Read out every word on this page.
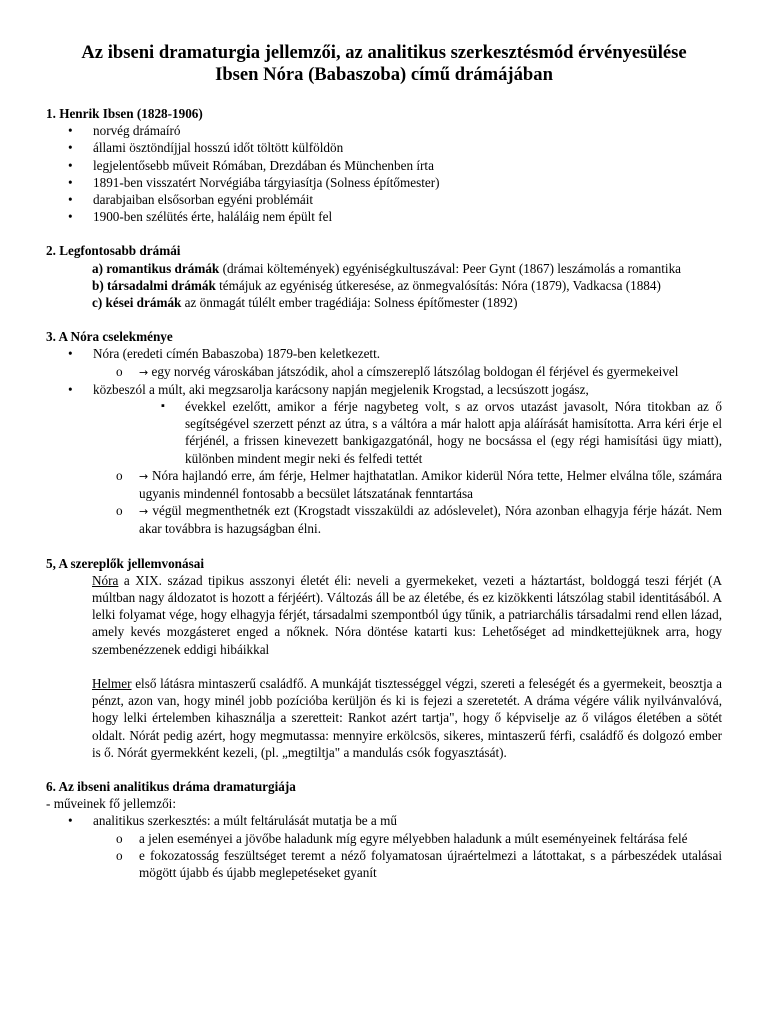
Az ibseni dramaturgia jellemzői, az analitikus szerkesztésmód érvényesülése
Ibsen Nóra (Babaszoba) című drámájában

1. Henrik Ibsen (1828-1906)

• norvég drámaíró
• állami ösztöndíjjal hosszú időt töltött külföldön
• legjelentősebb műveit Rómában, Drezdában és Münchenben írta
• 1891-ben visszatért Norvégiába tárgyiasítja (Solness építőmester)
• darabjaiban elsősorban egyéni problémáit
• 1900-ben szélütés érte, haláláig nem épült fel

2. Legfontosabb drámái

a) romantikus drámák (drámai költemények) egyéniségkultuszával: Peer Gynt (1867) leszámolás a romantika

b) társadalmi drámák témájuk az egyéniség útkeresése, az önmegvalósítás: Nóra (1879), Vadkacsa (1884)

c) kései drámák az önmagát túlélt ember tragédiája: Solness építőmester (1892)

3. A Nóra cselekménye

• Nóra (eredeti címén Babaszoba) 1879-ben keletkezett.
o → egy norvég városkában játszódik, ahol a címszereplő látszólag boldogan él férjével és gyermekeivel
• közbeszól a múlt, aki megzsarolja karácsony napján megjelenik Krogstad, a lecsúszott jogász,
▪ évekkel ezelőtt, amikor a férje nagybeteg volt, s az orvos utazást javasolt, Nóra titokban az ő segítségével szerzett pénzt az útra, s a váltóra a már halott apja aláírását hamisította. Arra kéri érje el férjénél, a frissen kinevezett bankigazgatónál, hogy ne bocsássa el (egy régi hamisítási ügy miatt), különben mindent megir neki és felfedi tettét
o → Nóra hajlandó erre, ám férje, Helmer hajthatatlan. Amikor kiderül Nóra tette, Helmer elválna tőle, számára ugyanis mindennél fontosabb a becsület látszatának fenntartása
o → végül megmenthetnék ezt (Krogstadt visszaküldi az adóslevelet), Nóra azonban elhagyja férje házát. Nem akar továbbra is hazugságban élni.

5, A szereplők jellemvonásai

Nóra a XIX. század tipikus asszonyi életét éli: neveli a gyermekeket, vezeti a háztartást, boldoggá teszi férjét (A múltban nagy áldozatot is hozott a férjéért). Változás áll be az életébe, és ez kizökkenti látszólag stabil identitásából. A lelki folyamat vége, hogy elhagyja férjét, társadalmi szempontból úgy tűnik, a patriarchális társadalmi rend ellen lázad, amely kevés mozgásteret enged a nőknek. Nóra döntése katarti kus: Lehetőséget ad mindkettejüknek arra, hogy szembenézzenek eddigi hibáikkal

Helmer első látásra mintaszerű családfő. A munkáját tisztességgel végzi, szereti a feleségét és a gyermekeit, beosztja a pénzt, azon van, hogy minél jobb pozícióba kerüljön és ki is fejezi a szeretetét. A dráma végére válik nyilvánvalóvá, hogy lelki értelemben kihasználja a szeretteit: Rankot azért tartja", hogy ő képviselje az ő világos életében a sötét oldalt. Nórát pedig azért, hogy megmutassa: mennyire erkölcsös, sikeres, mintaszerű férfi, családfő és dolgozó ember is ő. Nórát gyermekként kezeli, (pl. „megtiltja" a mandulás csók fogyasztását).

6. Az ibseni analitikus dráma dramaturgiája

- műveinek fő jellemzői:

• analitikus szerkesztés: a múlt feltárulását mutatja be a mű
o a jelen eseményei a jövőbe haladunk míg egyre mélyebben haladunk a múlt eseményeinek feltárása felé
o e fokozatosság feszültséget teremt a néző folyamatosan újraértelmezi a látottakat, s a párbeszédek utalásai mögött újabb és újabb meglepetéseket gyanít
